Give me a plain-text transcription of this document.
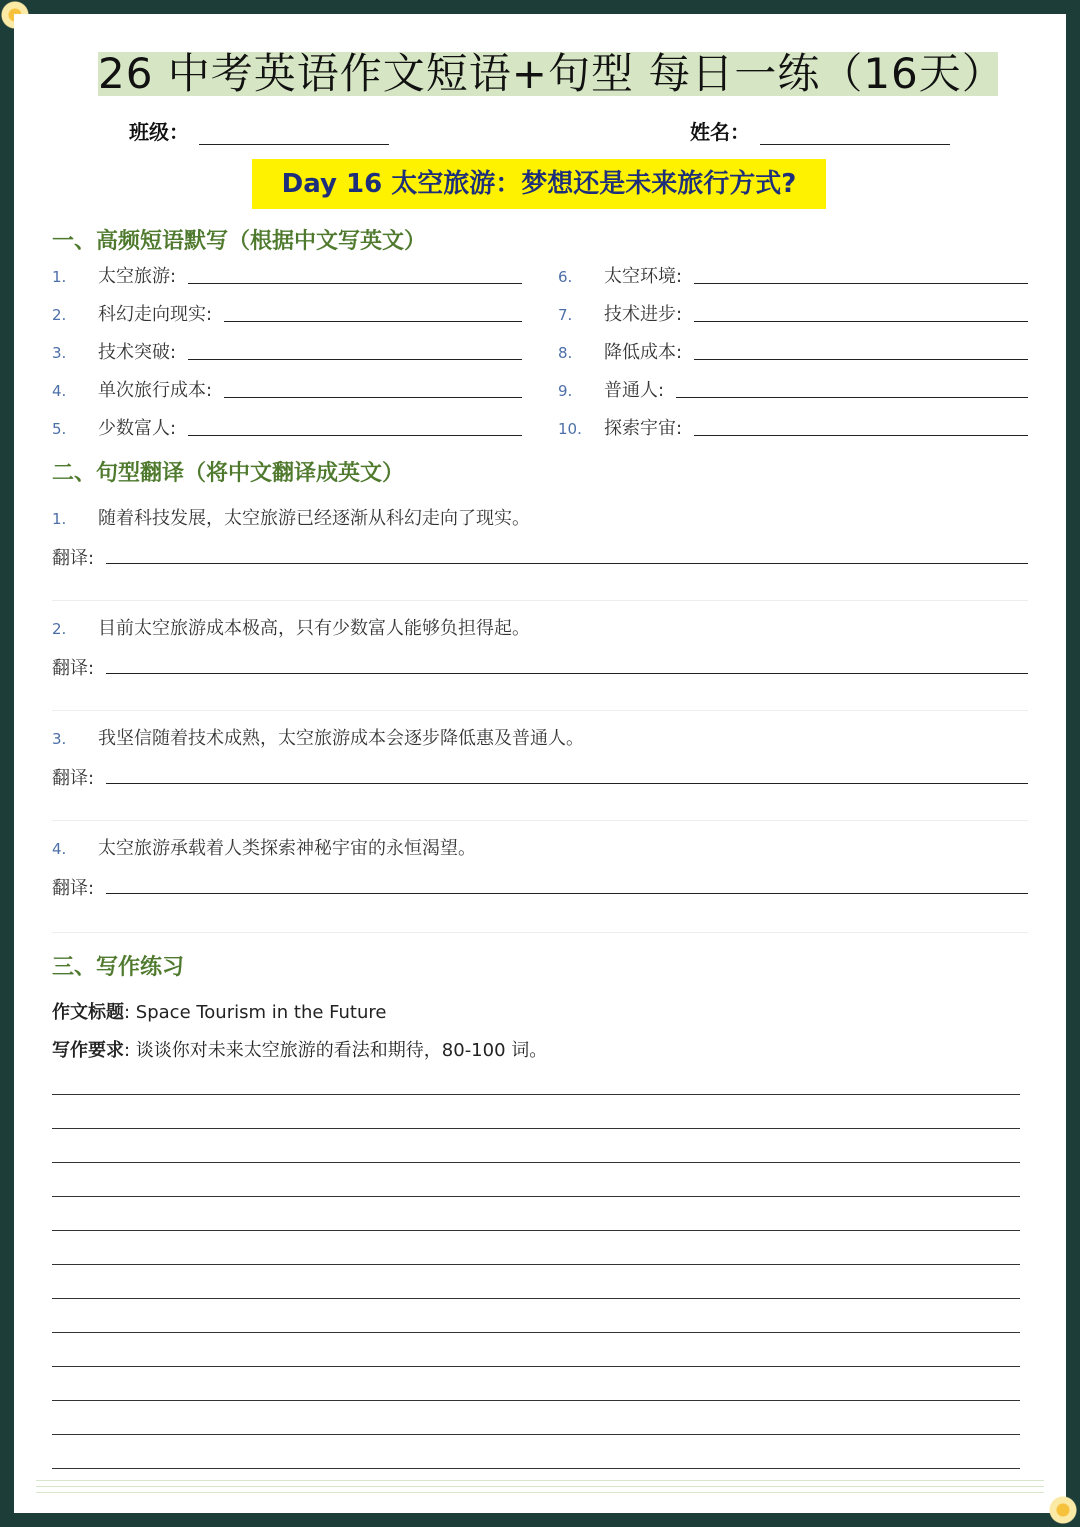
26 中考英语作文短语+句型 每日一练（16天）
班级：	姓名：
Day 16 太空旅游：梦想还是未来旅行方式?
一、高频短语默写（根据中文写英文）
1.	太空旅游:
2.	科幻走向现实:
3.	技术突破:
4.	单次旅行成本:
5.	少数富人:
6.	太空环境:
7.	技术进步:
8.	降低成本:
9.	普通人:
10.	探索宇宙:
二、句型翻译（将中文翻译成英文）
1.	随着科技发展，太空旅游已经逐渐从科幻走向了现实。
翻译:
2.	目前太空旅游成本极高，只有少数富人能够负担得起。
翻译:
3.	我坚信随着技术成熟，太空旅游成本会逐步降低惠及普通人。
翻译:
4.	太空旅游承载着人类探索神秘宇宙的永恒渴望。
翻译:
三、写作练习
作文标题: Space Tourism in the Future
写作要求: 谈谈你对未来太空旅游的看法和期待，80-100 词。
